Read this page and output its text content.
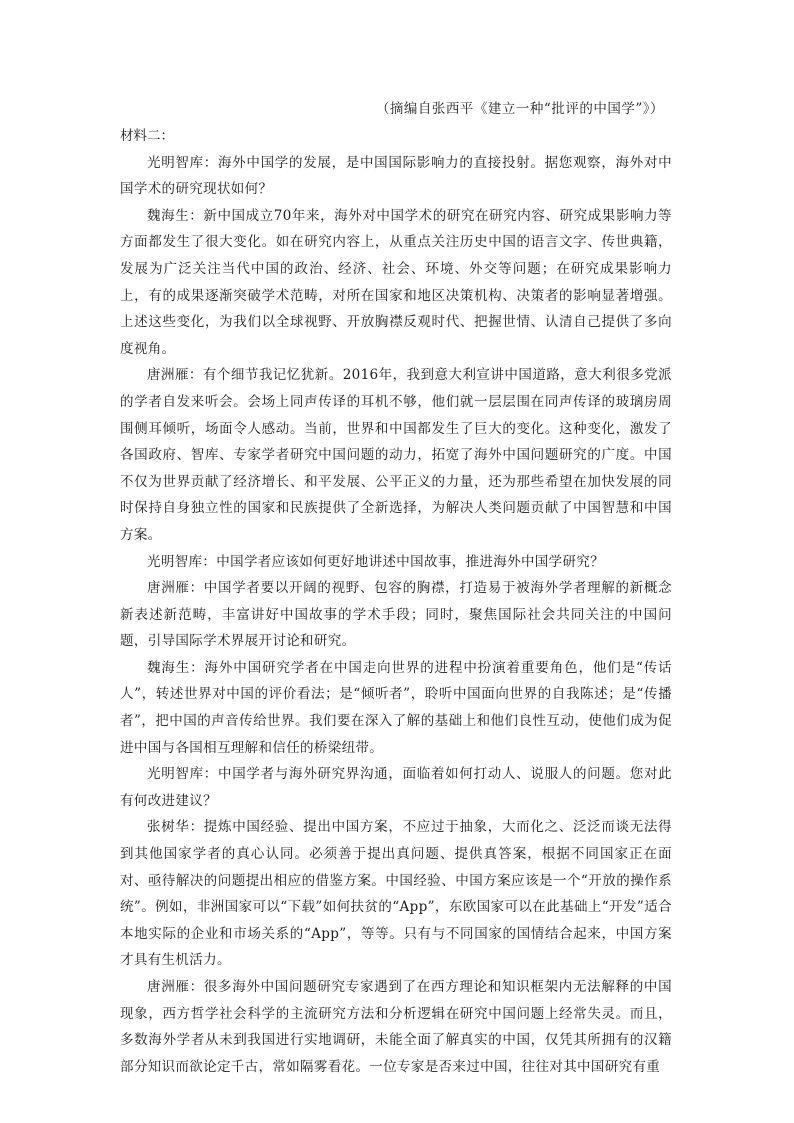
（摘编自张西平《建立一种“批评的中国学”》）

材料二：

光明智库：海外中国学的发展，是中国国际影响力的直接投射。据您观察，海外对中国学术的研究现状如何？

魏海生：新中国成立70年来，海外对中国学术的研究在研究内容、研究成果影响力等方面都发生了很大变化。如在研究内容上，从重点关注历史中国的语言文字、传世典籍，发展为广泛关注当代中国的政治、经济、社会、环境、外交等问题；在研究成果影响力上，有的成果逐渐突破学术范畴，对所在国家和地区决策机构、决策者的影响显著增强。上述这些变化，为我们以全球视野、开放胸襟反观时代、把握世情、认清自己提供了多向度视角。

唐洲雁：有个细节我记忆犹新。2016年，我到意大利宣讲中国道路，意大利很多党派的学者自发来听会。会场上同声传译的耳机不够，他们就一层层围在同声传译的玻璃房周围侧耳倾听，场面令人感动。当前，世界和中国都发生了巨大的变化。这种变化，激发了各国政府、智库、专家学者研究中国问题的动力，拓宽了海外中国问题研究的广度。中国不仅为世界贡献了经济增长、和平发展、公平正义的力量，还为那些希望在加快发展的同时保持自身独立性的国家和民族提供了全新选择，为解决人类问题贡献了中国智慧和中国方案。

光明智库：中国学者应该如何更好地讲述中国故事，推进海外中国学研究？

唐洲雁：中国学者要以开阔的视野、包容的胸襟，打造易于被海外学者理解的新概念新表述新范畴，丰富讲好中国故事的学术手段；同时，聚焦国际社会共同关注的中国问题，引导国际学术界展开讨论和研究。

魏海生：海外中国研究学者在中国走向世界的进程中扮演着重要角色，他们是“传话人”，转述世界对中国的评价看法；是“倾听者”，聆听中国面向世界的自我陈述；是“传播者”，把中国的声音传给世界。我们要在深入了解的基础上和他们良性互动，使他们成为促进中国与各国相互理解和信任的桥梁纽带。

光明智库：中国学者与海外研究界沟通，面临着如何打动人、说服人的问题。您对此有何改进建议？

张树华：提炼中国经验、提出中国方案，不应过于抽象，大而化之、泛泛而谈无法得到其他国家学者的真心认同。必须善于提出真问题、提供真答案，根据不同国家正在面对、亟待解决的问题提出相应的借鉴方案。中国经验、中国方案应该是一个“开放的操作系统”。例如，非洲国家可以“下载”如何扶贫的“App”，东欧国家可以在此基础上“开发”适合本地实际的企业和市场关系的“App”，等等。只有与不同国家的国情结合起来，中国方案才具有生机活力。

唐洲雁：很多海外中国问题研究专家遇到了在西方理论和知识框架内无法解释的中国现象，西方哲学社会科学的主流研究方法和分析逻辑在研究中国问题上经常失灵。而且，多数海外学者从未到我国进行实地调研，未能全面了解真实的中国，仅凭其所拥有的汉籍部分知识而欲论定千古，常如隔雾看花。一位专家是否来过中国，往往对其中国研究有重
